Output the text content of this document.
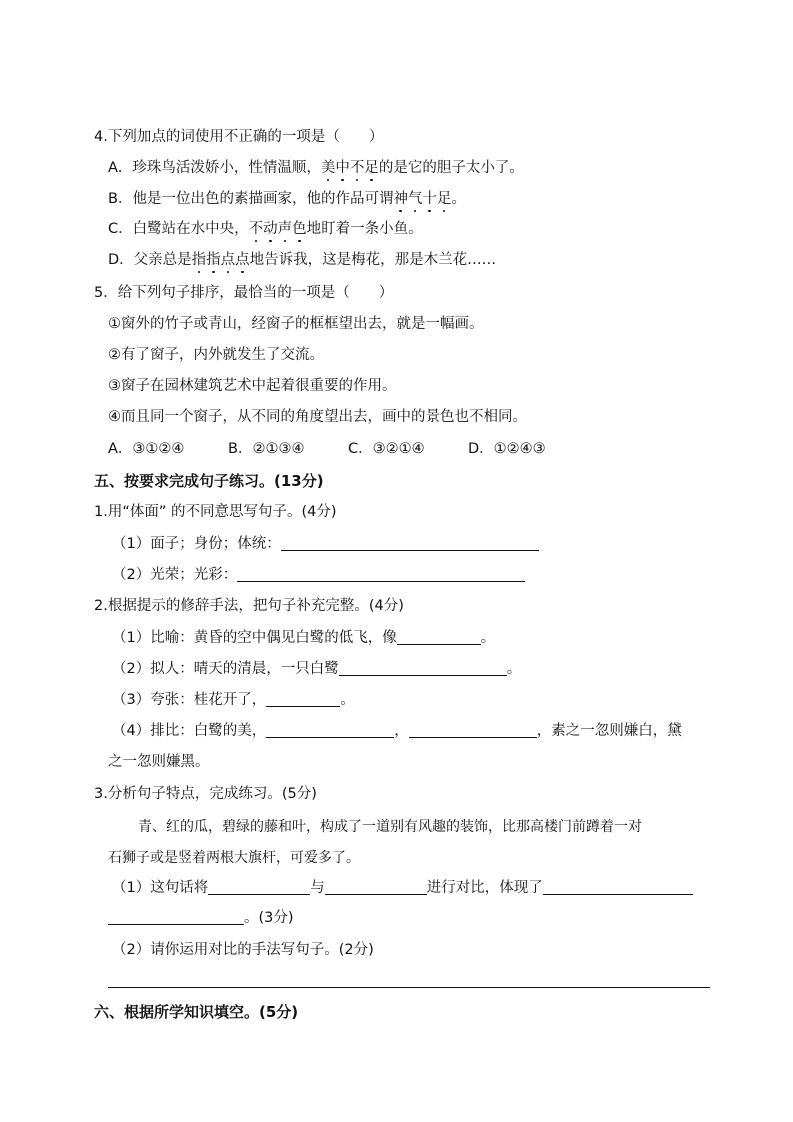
4.下列加点的词使用不正确的一项是（　　）
A．珍珠鸟活泼娇小，性情温顺，美中不足的是它的胆子太小了。
B．他是一位出色的素描画家，他的作品可谓神气十足。
C．白鹭站在水中央，不动声色地盯着一条小鱼。
D．父亲总是指指点点地告诉我，这是梅花，那是木兰花……
5．给下列句子排序，最恰当的一项是（　　）
①窗外的竹子或青山，经窗子的框框望出去，就是一幅画。
②有了窗子，内外就发生了交流。
③窗子在园林建筑艺术中起着很重要的作用。
④而且同一个窗子，从不同的角度望出去，画中的景色也不相同。
A．③①②④	B．②①③④	C．③②①④	D．①②④③
五、按要求完成句子练习。(13分)
1.用“体面” 的不同意思写句子。(4分)
（1）面子；身份；体统：
（2）光荣；光彩：
2.根据提示的修辞手法，把句子补充完整。(4分)
（1）比喻：黄昏的空中偶见白鹭的低飞，像	。
（2）拟人：晴天的清晨，一只白鹭	。
（3）夸张：桂花开了，	。
（4）排比：白鹭的美，	，	，素之一忽则嫌白，黛
之一忽则嫌黑。
3.分析句子特点，完成练习。(5分)
青、红的瓜，碧绿的藤和叶，构成了一道别有风趣的装饰，比那高楼门前蹲着一对
石狮子或是竖着两根大旗杆，可爱多了。
（1）这句话将	与	进行对比，体现了
。(3分)
（2）请你运用对比的手法写句子。(2分)
六、根据所学知识填空。(5分)
